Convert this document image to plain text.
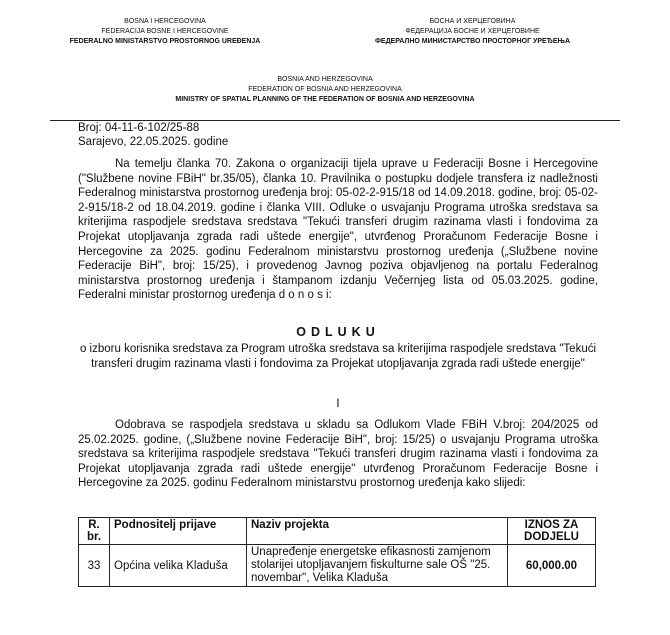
BOSNA I HERCEGOVINA
FEDERACIJA BOSNE I HERCEGOVINE
FEDERALNO MINISTARSTVO PROSTORNOG UREĐENJA
БОСНА И ХЕРЦЕГОВИНА
ФЕДЕРАЦИЈА БОСНЕ И ХЕРЦЕГОВИНЕ
ФЕДЕРАЛНО МИНИСТАРСТВО ПРОСТОРНОГ УРЕЂЕЊА
BOSNIA AND HERZEGOVINA
FEDERATION OF BOSNIA AND HERZEGOVINA
MINISTRY OF SPATIAL PLANNING OF THE FEDERATION OF BOSNIA AND HERZEGOVINA
Broj: 04-11-6-102/25-88
Sarajevo, 22.05.2025. godine
Na temelju članka 70. Zakona o organizaciji tijela uprave u Federaciji Bosne i Hercegovine ("Službene novine FBiH" br.35/05), članka 10. Pravilnika o postupku dodjele transfera iz nadležnosti Federalnog ministarstva prostornog uređenja broj: 05-02-2-915/18 od 14.09.2018. godine, broj: 05-02-2-915/18-2 od 18.04.2019. godine i članka VIII. Odluke o usvajanju Programa utroška sredstava sa kriterijima raspodjele sredstava sredstava "Tekući transferi drugim razinama vlasti i fondovima za Projekat utopljavanja zgrada radi uštede energije", utvrđenog Proračunom Federacije Bosne i Hercegovine za 2025. godinu Federalnom ministarstvu prostornog uređenja („Službene novine Federacije BiH", broj: 15/25), i provedenog Javnog poziva objavljenog na portalu Federalnog ministarstva prostornog uređenja i štampanom izdanju Večernjeg lista od 05.03.2025. godine, Federalni ministar prostornog uređenja d o n o s i:
ODLUKU
o izboru korisnika sredstava za Program utroška sredstava sa kriterijima raspodjele sredstava "Tekući transferi drugim razinama vlasti i fondovima za Projekat utopljavanja zgrada radi uštede energije"
I
Odobrava se raspodjela sredstava u skladu sa Odlukom Vlade FBiH V.broj: 204/2025 od 25.02.2025. godine, („Službene novine Federacije BiH", broj: 15/25) o usvajanju Programa utroška sredstava sa kriterijima raspodjele sredstava "Tekući transferi drugim razinama vlasti i fondovima za Projekat utopljavanja zgrada radi uštede energije" utvrđenog Proračunom Federacije Bosne i Hercegovine za 2025. godinu Federalnom ministarstvu prostornog uređenja kako slijedi:
R. br.	Podnositelj prijave	Naziv projekta	IZNOS ZA DODJELU
33	Općina velika Kladuša	Unapređenje energetske efikasnosti zamjenom stolarijei utopljavanjem fiskulturne sale OŠ "25. novembar", Velika Kladuša	60,000.00
